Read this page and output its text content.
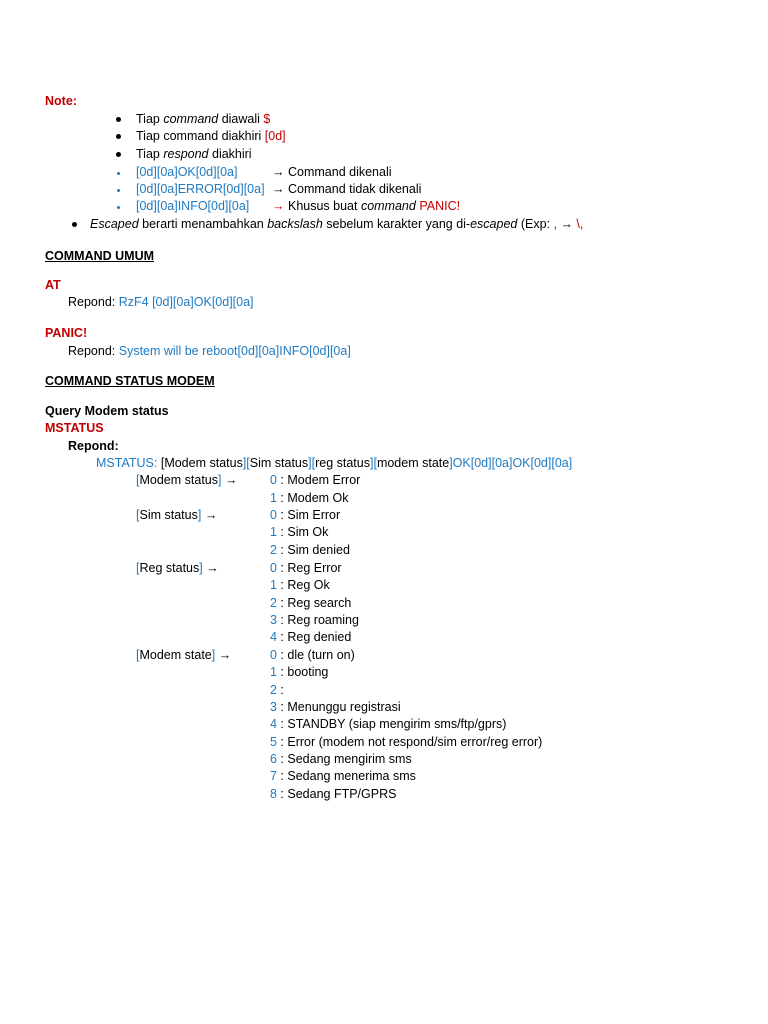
Note:
Tiap command diawali $
Tiap command diakhiri [0d]
Tiap respond diakhiri
[0d][0a]OK[0d][0a]	→ Command dikenali
[0d][0a]ERROR[0d][0a] → Command tidak dikenali
[0d][0a]INFO[0d][0a] → Khusus buat command PANIC!
Escaped berarti menambahkan backslash sebelum karakter yang di-escaped (Exp: , → \,
COMMAND UMUM
AT
Repond: RzF4 [0d][0a]OK[0d][0a]
PANIC!
Repond: System will be reboot[0d][0a]INFO[0d][0a]
COMMAND STATUS MODEM
Query Modem status
MSTATUS
Repond:
MSTATUS: [Modem status][Sim status][reg status][modem state]OK[0d][0a]OK[0d][0a]
[Modem status] →	0 : Modem Error
1 : Modem Ok
[Sim status] →	0 : Sim Error
1 : Sim Ok
2 : Sim denied
[Reg status] →	0 : Reg Error
1 : Reg Ok
2 : Reg search
3 : Reg roaming
4 : Reg denied
[Modem state] →	0 : dle (turn on)
1 : booting
2 :
3 : Menunggu registrasi
4 : STANDBY (siap mengirim sms/ftp/gprs)
5 : Error (modem not respond/sim error/reg error)
6 : Sedang mengirim sms
7 : Sedang menerima sms
8 : Sedang FTP/GPRS
